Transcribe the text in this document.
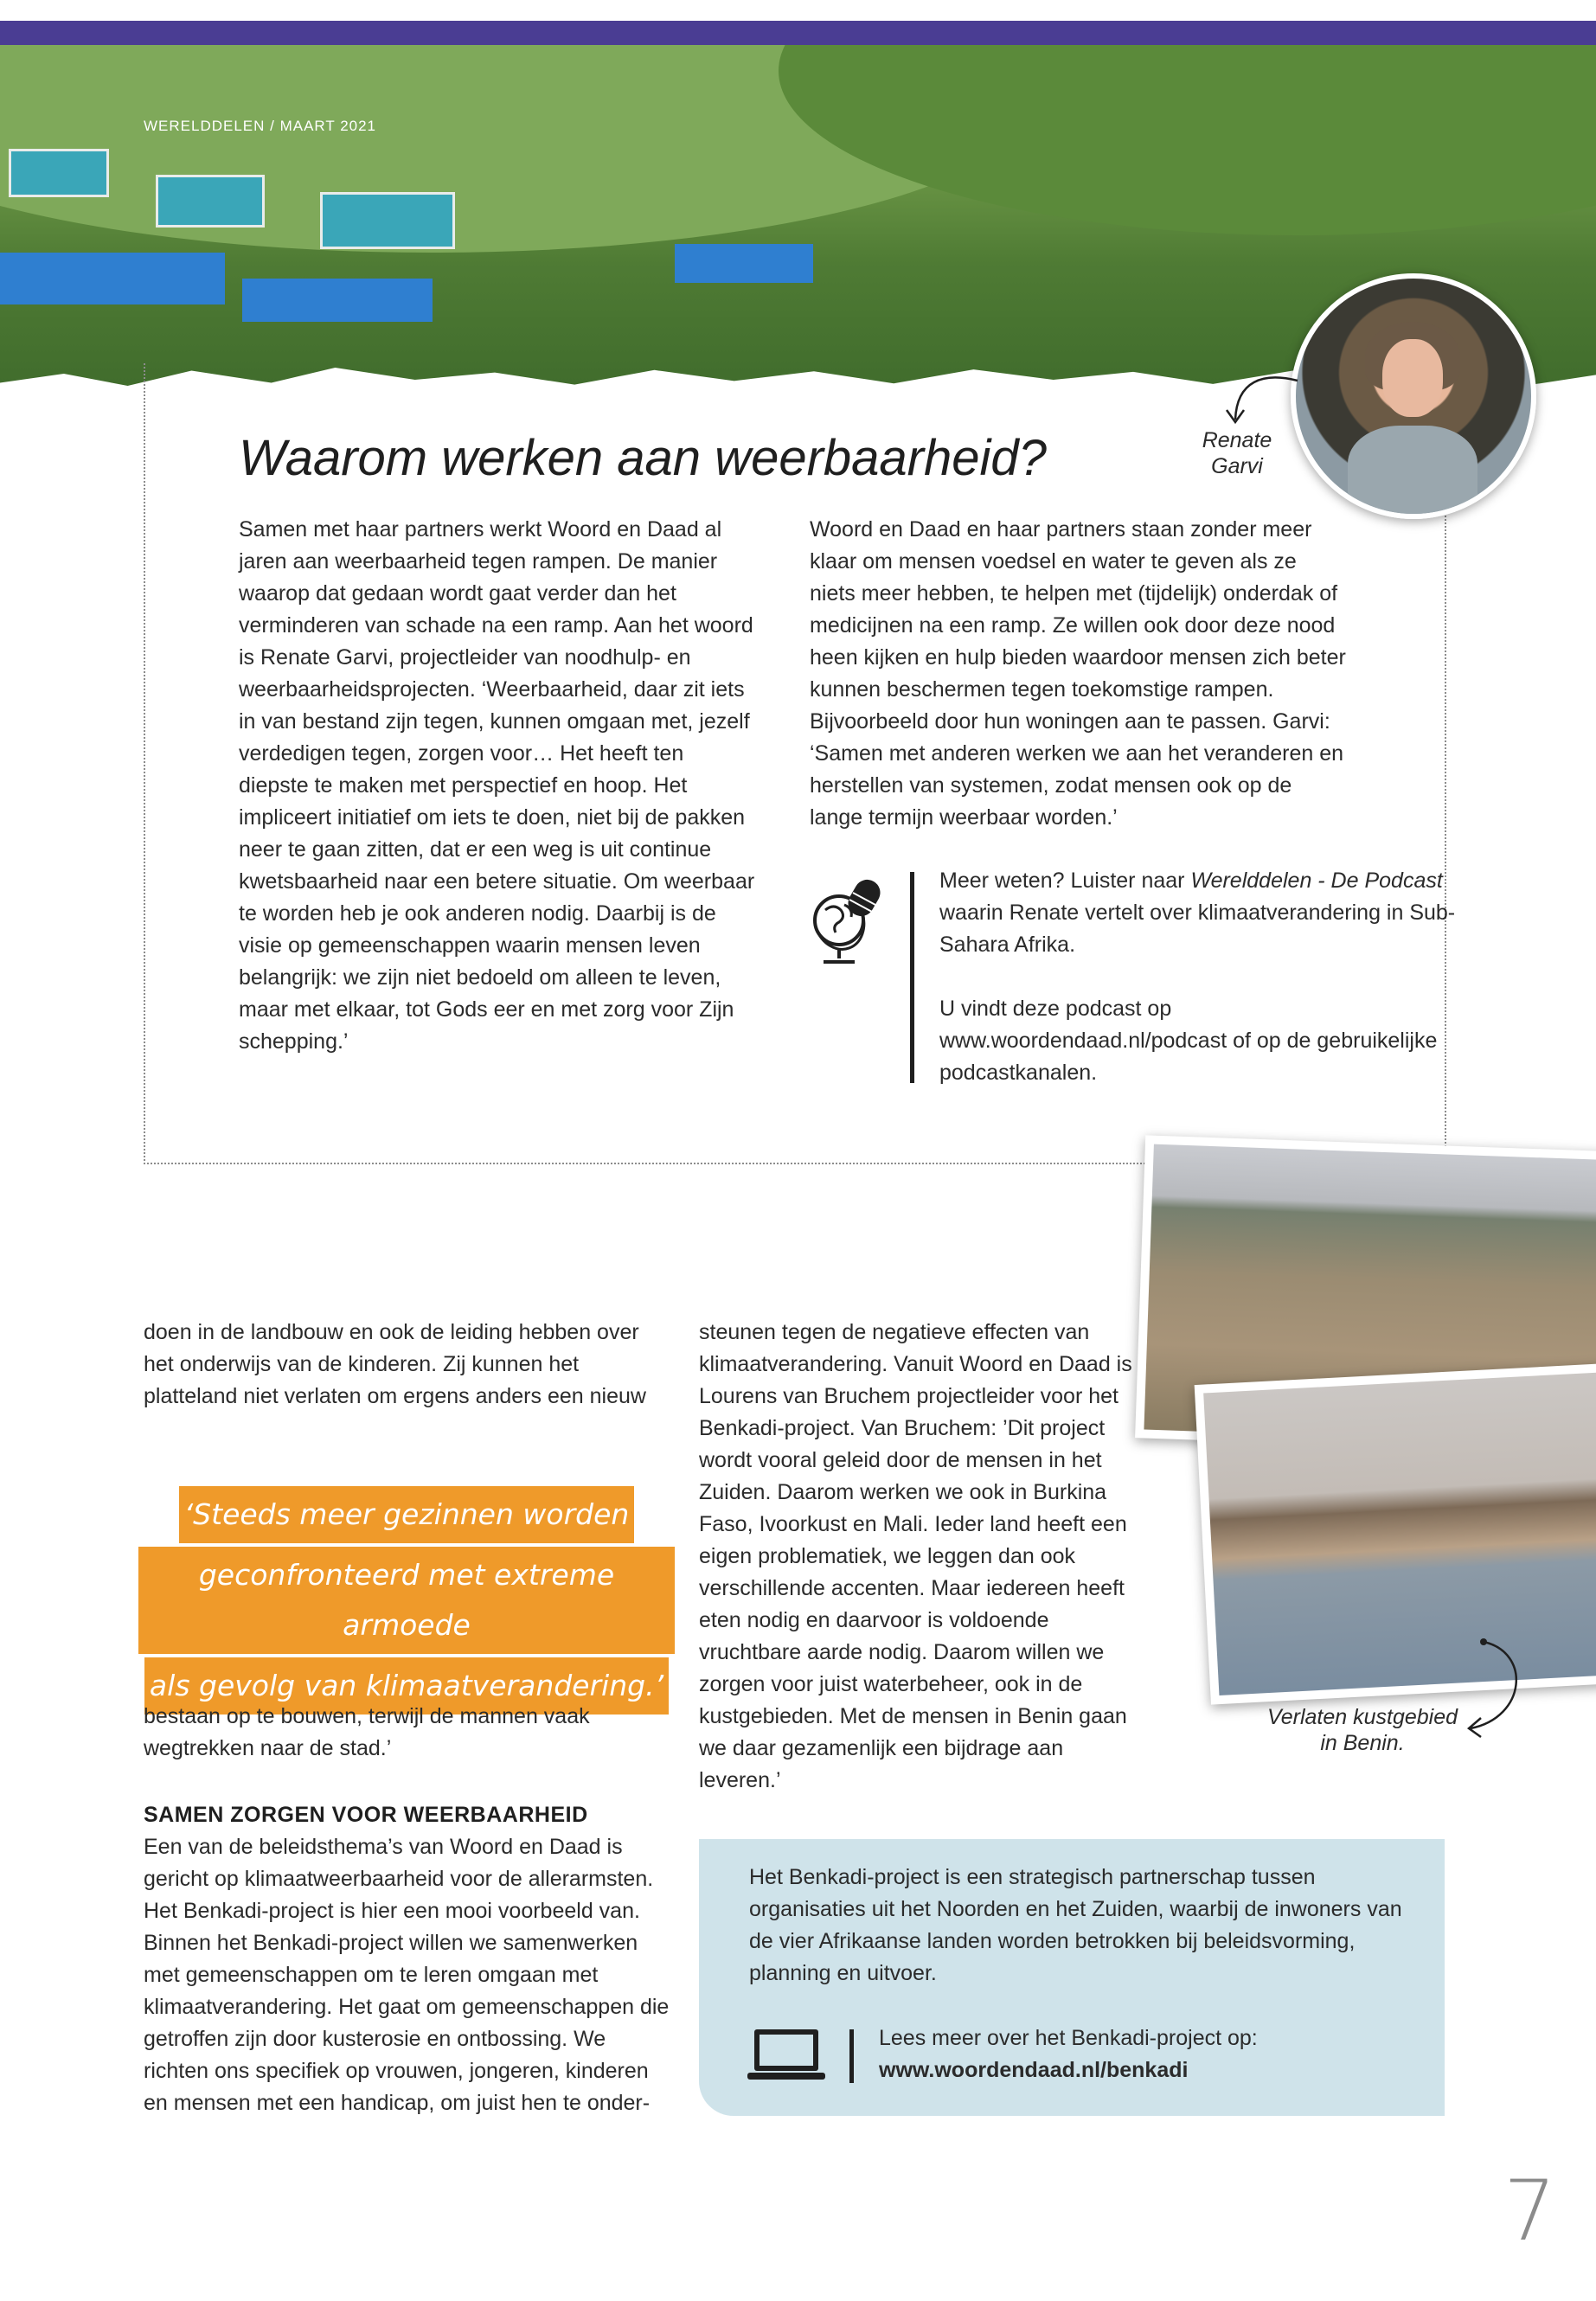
WERELDDELEN / MAART 2021
Renate
Garvi
Waarom werken aan weerbaarheid?

Samen met haar partners werkt Woord en Daad al jaren aan weerbaarheid tegen rampen. De manier waarop dat gedaan wordt gaat verder dan het verminderen van schade na een ramp. Aan het woord is Renate Garvi, projectleider van noodhulp- en weerbaarheidsprojecten. ‘Weerbaarheid, daar zit iets in van bestand zijn tegen, kunnen omgaan met, jezelf verdedigen tegen, zorgen voor… Het heeft ten diepste te maken met perspectief en hoop. Het impliceert initiatief om iets te doen, niet bij de pakken neer te gaan zitten, dat er een weg is uit continue kwetsbaarheid naar een betere situatie. Om weerbaar te worden heb je ook anderen nodig. Daarbij is de visie op gemeenschappen waarin mensen leven belangrijk: we zijn niet bedoeld om alleen te leven, maar met elkaar, tot Gods eer en met zorg voor Zijn schepping.’

Woord en Daad en haar partners staan zonder meer klaar om mensen voedsel en water te geven als ze niets meer hebben, te helpen met (tijdelijk) onderdak of medicijnen na een ramp. Ze willen ook door deze nood heen kijken en hulp bieden waardoor mensen zich beter kunnen beschermen tegen toekomstige rampen. Bijvoorbeeld door hun woningen aan te passen. Garvi: ‘Samen met anderen werken we aan het veranderen en herstellen van systemen, zodat mensen ook op de lange termijn weerbaar worden.’

Meer weten? Luister naar Werelddelen - De Podcast waarin Renate vertelt over klimaatverandering in Sub-Sahara Afrika.

U vindt deze podcast op www.woordendaad.nl/podcast of op de gebruikelijke podcastkanalen.

Verlaten kustgebied
in Benin.

doen in de landbouw en ook de leiding hebben over het onderwijs van de kinderen. Zij kunnen het platteland niet verlaten om ergens anders een nieuw

‘Steeds meer gezinnen worden
geconfronteerd met extreme armoede
als gevolg van klimaatverandering.’

bestaan op te bouwen, terwijl de mannen vaak wegtrekken naar de stad.’

SAMEN ZORGEN VOOR WEERBAARHEID

Een van de beleidsthema’s van Woord en Daad is gericht op klimaatweerbaarheid voor de allerarmsten. Het Benkadi-project is hier een mooi voorbeeld van. Binnen het Benkadi-project willen we samenwerken met gemeenschappen om te leren omgaan met klimaatverandering. Het gaat om gemeenschappen die getroffen zijn door kusterosie en ontbossing. We richten ons specifiek op vrouwen, jongeren, kinderen en mensen met een handicap, om juist hen te onder-

steunen tegen de negatieve effecten van klimaatverandering. Vanuit Woord en Daad is Lourens van Bruchem projectleider voor het Benkadi-project. Van Bruchem: ’Dit project wordt vooral geleid door de mensen in het Zuiden. Daarom werken we ook in Burkina Faso, Ivoorkust en Mali. Ieder land heeft een eigen problematiek, we leggen dan ook verschillende accenten. Maar iedereen heeft eten nodig en daarvoor is voldoende vruchtbare aarde nodig. Daarom willen we zorgen voor juist waterbeheer, ook in de kustgebieden. Met de mensen in Benin gaan we daar gezamenlijk een bijdrage aan leveren.’

Het Benkadi-project is een strategisch partnerschap tussen organisaties uit het Noorden en het Zuiden, waarbij de inwoners van de vier Afrikaanse landen worden betrokken bij beleidsvorming, planning en uitvoer.

Lees meer over het Benkadi-project op:
www.woordendaad.nl/benkadi
7
